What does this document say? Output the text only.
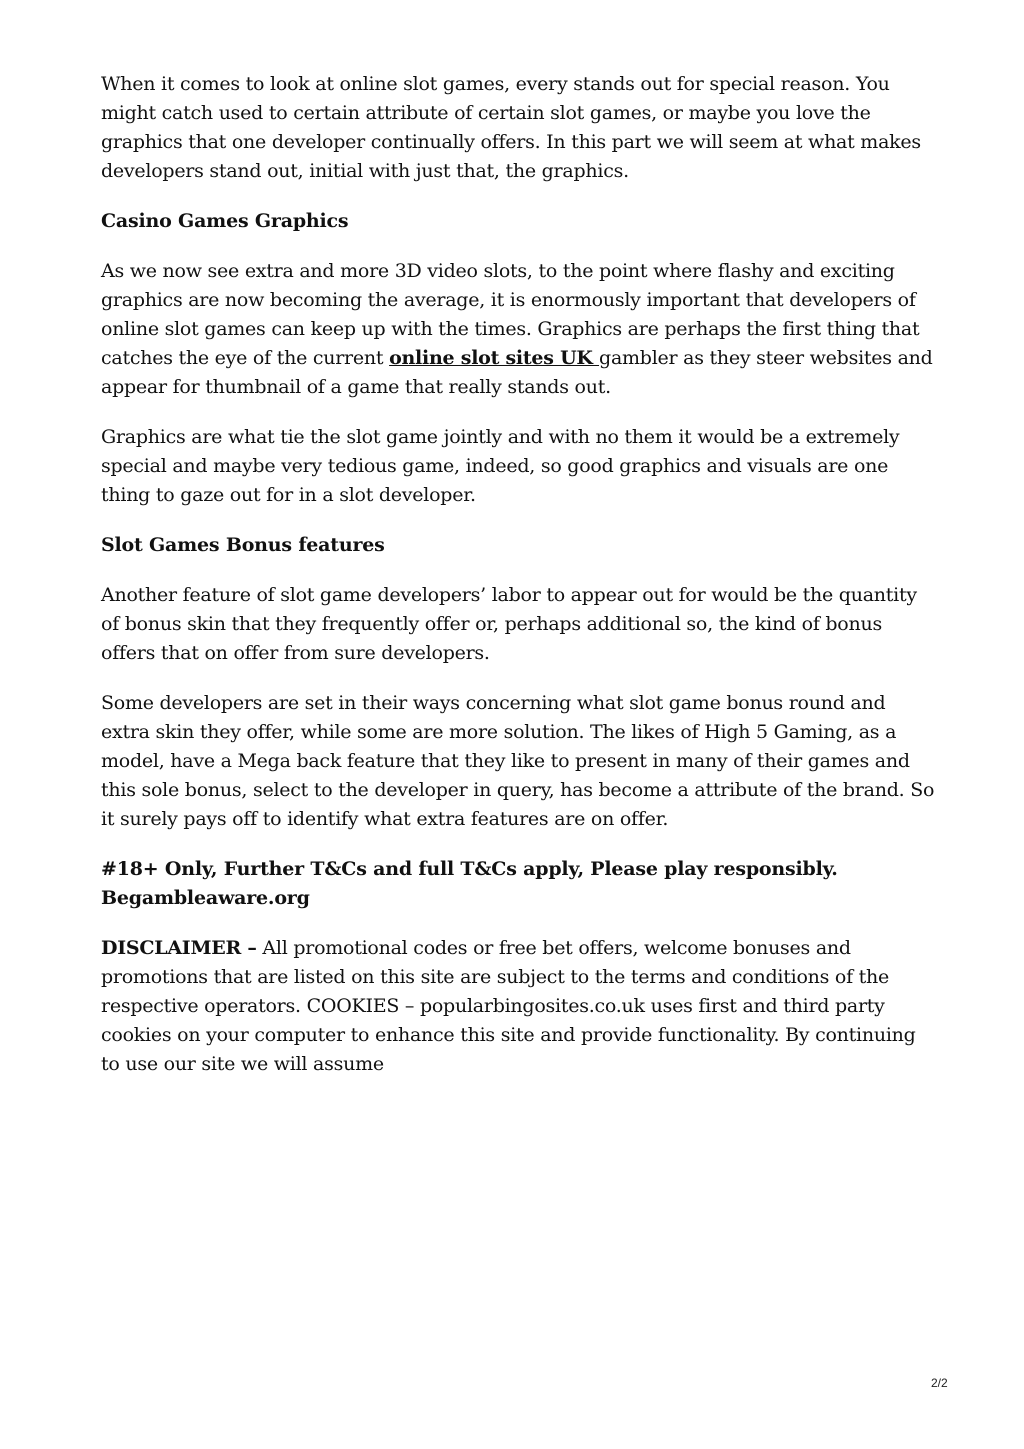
When it comes to look at online slot games, every stands out for special reason. You might catch used to certain attribute of certain slot games, or maybe you love the graphics that one developer continually offers. In this part we will seem at what makes developers stand out, initial with just that, the graphics.

Casino Games Graphics

As we now see extra and more 3D video slots, to the point where flashy and exciting graphics are now becoming the average, it is enormously important that developers of online slot games can keep up with the times. Graphics are perhaps the first thing that catches the eye of the current online slot sites UK gambler as they steer websites and appear for thumbnail of a game that really stands out.

Graphics are what tie the slot game jointly and with no them it would be a extremely special and maybe very tedious game, indeed, so good graphics and visuals are one thing to gaze out for in a slot developer.

Slot Games Bonus features

Another feature of slot game developers’ labor to appear out for would be the quantity of bonus skin that they frequently offer or, perhaps additional so, the kind of bonus offers that on offer from sure developers.

Some developers are set in their ways concerning what slot game bonus round and extra skin they offer, while some are more solution. The likes of High 5 Gaming, as a model, have a Mega back feature that they like to present in many of their games and this sole bonus, select to the developer in query, has become a attribute of the brand. So it surely pays off to identify what extra features are on offer.

#18+ Only, Further T&Cs and full T&Cs apply, Please play responsibly.
Begambleaware.org

DISCLAIMER – All promotional codes or free bet offers, welcome bonuses and promotions that are listed on this site are subject to the terms and conditions of the respective operators. COOKIES – popularbingosites.co.uk uses first and third party cookies on your computer to enhance this site and provide functionality. By continuing to use our site we will assume

2/2
